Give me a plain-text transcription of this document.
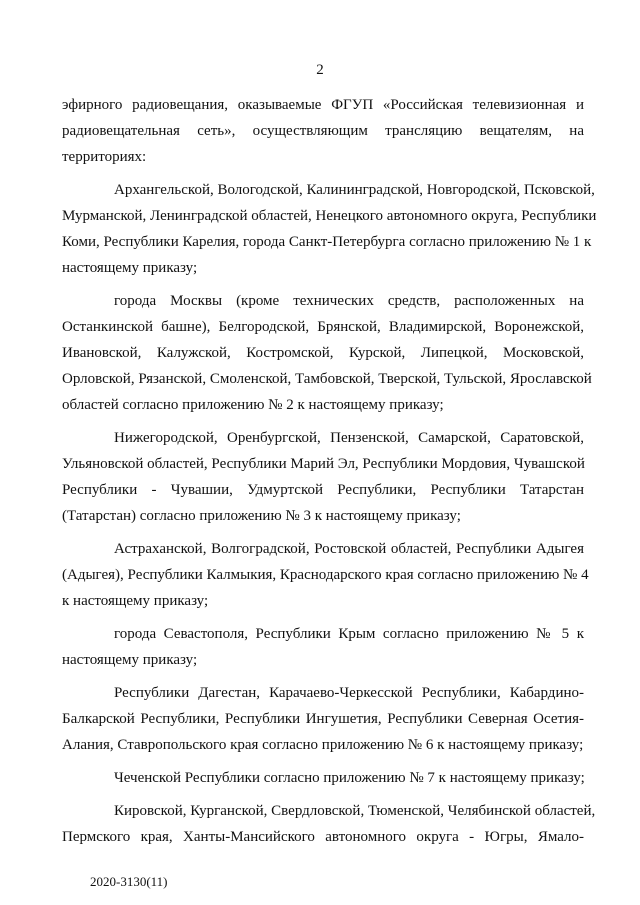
2
эфирного радиовещания, оказываемые ФГУП «Российская телевизионная и
радиовещательная сеть», осуществляющим трансляцию вещателям, на
территориях:
Архангельской, Вологодской, Калининградской, Новгородской, Псковской,
Мурманской, Ленинградской областей, Ненецкого автономного округа, Республики
Коми, Республики Карелия, города Санкт-Петербурга согласно приложению № 1 к
настоящему приказу;
города Москвы (кроме технических средств, расположенных на
Останкинской башне), Белгородской, Брянской, Владимирской, Воронежской,
Ивановской, Калужской, Костромской, Курской, Липецкой, Московской,
Орловской, Рязанской, Смоленской, Тамбовской, Тверской, Тульской, Ярославской
областей согласно приложению № 2 к настоящему приказу;
Нижегородской, Оренбургской, Пензенской, Самарской, Саратовской,
Ульяновской областей, Республики Марий Эл, Республики Мордовия, Чувашской
Республики - Чувашии, Удмуртской Республики, Республики Татарстан
(Татарстан) согласно приложению № 3 к настоящему приказу;
Астраханской, Волгоградской, Ростовской областей, Республики Адыгея
(Адыгея), Республики Калмыкия, Краснодарского края согласно приложению № 4
к настоящему приказу;
города Севастополя, Республики Крым согласно приложению № 5 к
настоящему приказу;
Республики Дагестан, Карачаево-Черкесской Республики, Кабардино-
Балкарской Республики, Республики Ингушетия, Республики Северная Осетия-
Алания, Ставропольского края согласно приложению № 6 к настоящему приказу;
Чеченской Республики согласно приложению № 7 к настоящему приказу;
Кировской, Курганской, Свердловской, Тюменской, Челябинской областей,
Пермского края, Ханты-Мансийского автономного округа - Югры, Ямало-
2020-3130(11)
